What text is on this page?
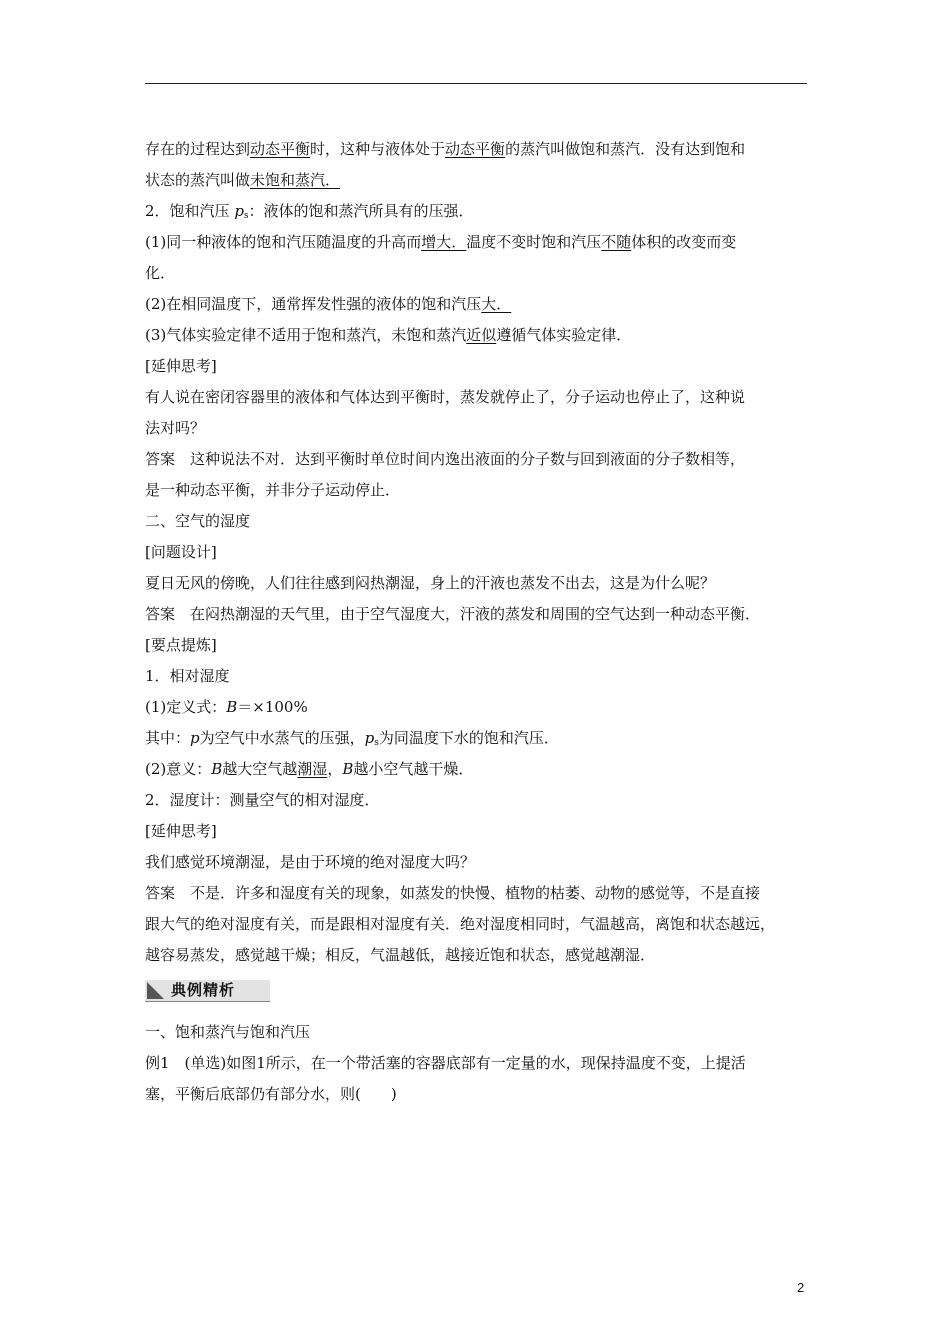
存在的过程达到动态平衡时，这种与液体处于动态平衡的蒸汽叫做饱和蒸汽．没有达到饱和
状态的蒸汽叫做未饱和蒸汽．
2．饱和汽压 $p_s$：液体的饱和蒸汽所具有的压强．
(1)同一种液体的饱和汽压随温度的升高而增大．温度不变时饱和汽压不随体积的改变而变
化．
(2)在相同温度下，通常挥发性强的液体的饱和汽压大．
(3)气体实验定律不适用于饱和蒸汽，未饱和蒸汽近似遵循气体实验定律．
[延伸思考]
有人说在密闭容器里的液体和气体达到平衡时，蒸发就停止了，分子运动也停止了，这种说
法对吗？
答案　这种说法不对．达到平衡时单位时间内逸出液面的分子数与回到液面的分子数相等，
是一种动态平衡，并非分子运动停止．
二、空气的湿度
[问题设计]
夏日无风的傍晚，人们往往感到闷热潮湿，身上的汗液也蒸发不出去，这是为什么呢？
答案　在闷热潮湿的天气里，由于空气湿度大，汗液的蒸发和周围的空气达到一种动态平衡．
[要点提炼]
1．相对湿度
(1)定义式：B＝×100%
其中：p为空气中水蒸气的压强，$p_s$为同温度下水的饱和汽压．
(2)意义：B越大空气越潮湿，B越小空气越干燥．
2．湿度计：测量空气的相对湿度．
[延伸思考]
我们感觉环境潮湿，是由于环境的绝对湿度大吗？
答案　不是．许多和湿度有关的现象，如蒸发的快慢、植物的枯萎、动物的感觉等，不是直接
跟大气的绝对湿度有关，而是跟相对湿度有关．绝对湿度相同时，气温越高，离饱和状态越远，
越容易蒸发，感觉越干燥；相反，气温越低，越接近饱和状态，感觉越潮湿．
典例精析
一、饱和蒸汽与饱和汽压
例1　(单选)如图1所示，在一个带活塞的容器底部有一定量的水，现保持温度不变，上提活
塞，平衡后底部仍有部分水，则(　　)
2
